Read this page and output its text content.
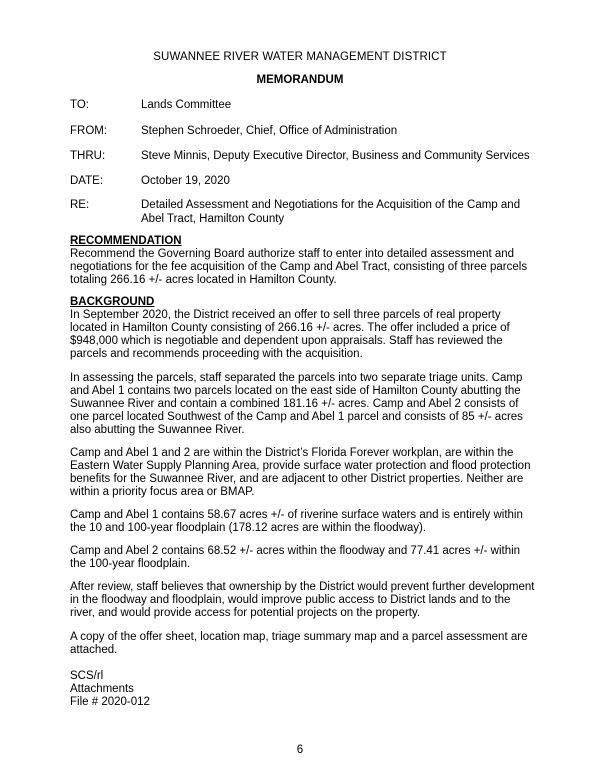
SUWANNEE RIVER WATER MANAGEMENT DISTRICT
MEMORANDUM
TO:	Lands Committee
FROM:	Stephen Schroeder, Chief, Office of Administration
THRU:	Steve Minnis, Deputy Executive Director, Business and Community Services
DATE:	October 19, 2020
RE:	Detailed Assessment and Negotiations for the Acquisition of the Camp and Abel Tract, Hamilton County
RECOMMENDATION

Recommend the Governing Board authorize staff to enter into detailed assessment and negotiations for the fee acquisition of the Camp and Abel Tract, consisting of three parcels totaling 266.16 +/- acres located in Hamilton County.

BACKGROUND

In September 2020, the District received an offer to sell three parcels of real property located in Hamilton County consisting of 266.16 +/- acres. The offer included a price of $948,000 which is negotiable and dependent upon appraisals. Staff has reviewed the parcels and recommends proceeding with the acquisition.

In assessing the parcels, staff separated the parcels into two separate triage units. Camp and Abel 1 contains two parcels located on the east side of Hamilton County abutting the Suwannee River and contain a combined 181.16 +/- acres. Camp and Abel 2 consists of one parcel located Southwest of the Camp and Abel 1 parcel and consists of 85 +/- acres also abutting the Suwannee River.

Camp and Abel 1 and 2 are within the District’s Florida Forever workplan, are within the Eastern Water Supply Planning Area, provide surface water protection and flood protection benefits for the Suwannee River, and are adjacent to other District properties. Neither are within a priority focus area or BMAP.

Camp and Abel 1 contains 58.67 acres +/- of riverine surface waters and is entirely within the 10 and 100-year floodplain (178.12 acres are within the floodway).

Camp and Abel 2 contains 68.52 +/- acres within the floodway and 77.41 acres +/- within the 100-year floodplain.

After review, staff believes that ownership by the District would prevent further development in the floodway and floodplain, would improve public access to District lands and to the river, and would provide access for potential projects on the property.

A copy of the offer sheet, location map, triage summary map and a parcel assessment are attached.

SCS/rl
Attachments
File # 2020-012
6
